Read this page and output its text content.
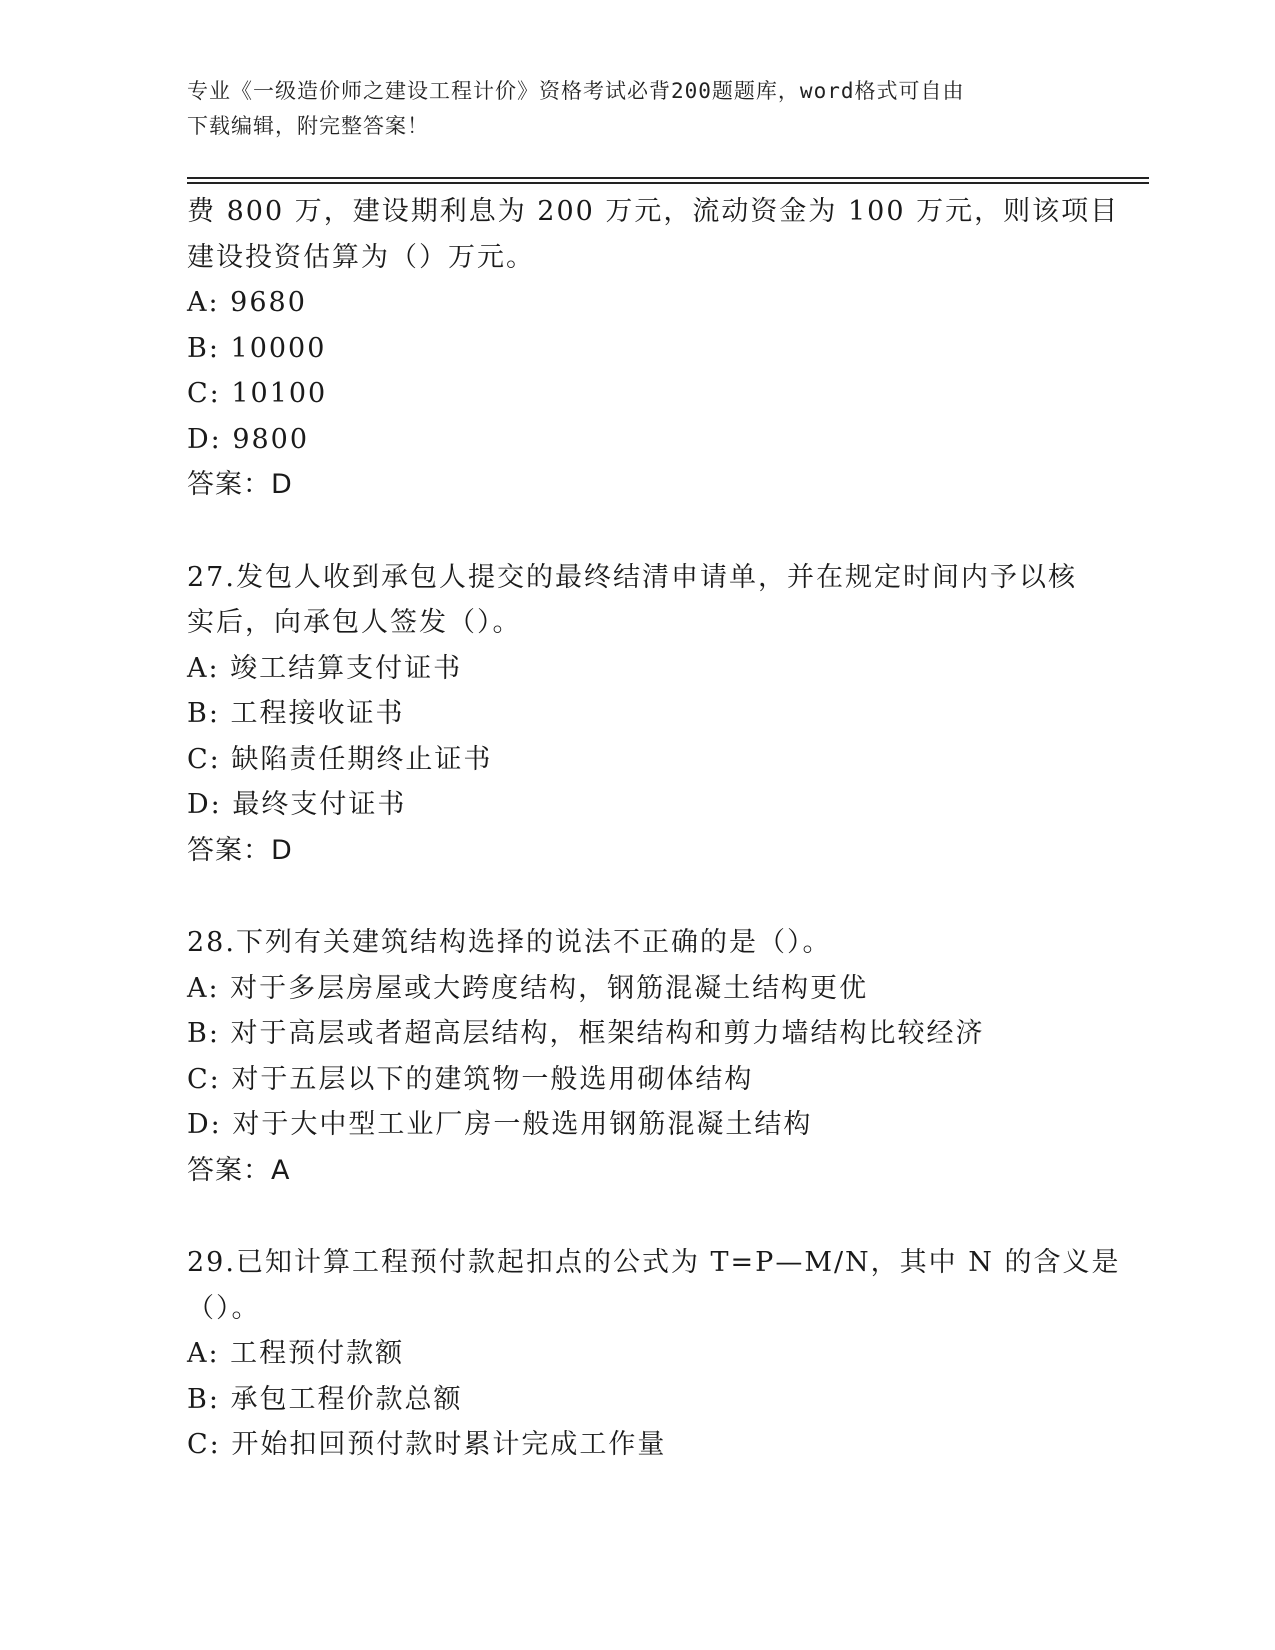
专业《一级造价师之建设工程计价》资格考试必背200题题库，word格式可自由
下载编辑，附完整答案！
费 800 万，建设期利息为 200 万元，流动资金为 100 万元，则该项目
建设投资估算为（）万元。
A: 9680
B: 10000
C: 10100
D: 9800
答案：D
27.发包人收到承包人提交的最终结清申请单，并在规定时间内予以核
实后，向承包人签发（）。
A: 竣工结算支付证书
B: 工程接收证书
C: 缺陷责任期终止证书
D: 最终支付证书
答案：D
28.下列有关建筑结构选择的说法不正确的是（）。
A: 对于多层房屋或大跨度结构，钢筋混凝土结构更优
B: 对于高层或者超高层结构，框架结构和剪力墙结构比较经济
C: 对于五层以下的建筑物一般选用砌体结构
D: 对于大中型工业厂房一般选用钢筋混凝土结构
答案：A
29.已知计算工程预付款起扣点的公式为 T=P—M/N，其中 N 的含义是
（）。
A: 工程预付款额
B: 承包工程价款总额
C: 开始扣回预付款时累计完成工作量
